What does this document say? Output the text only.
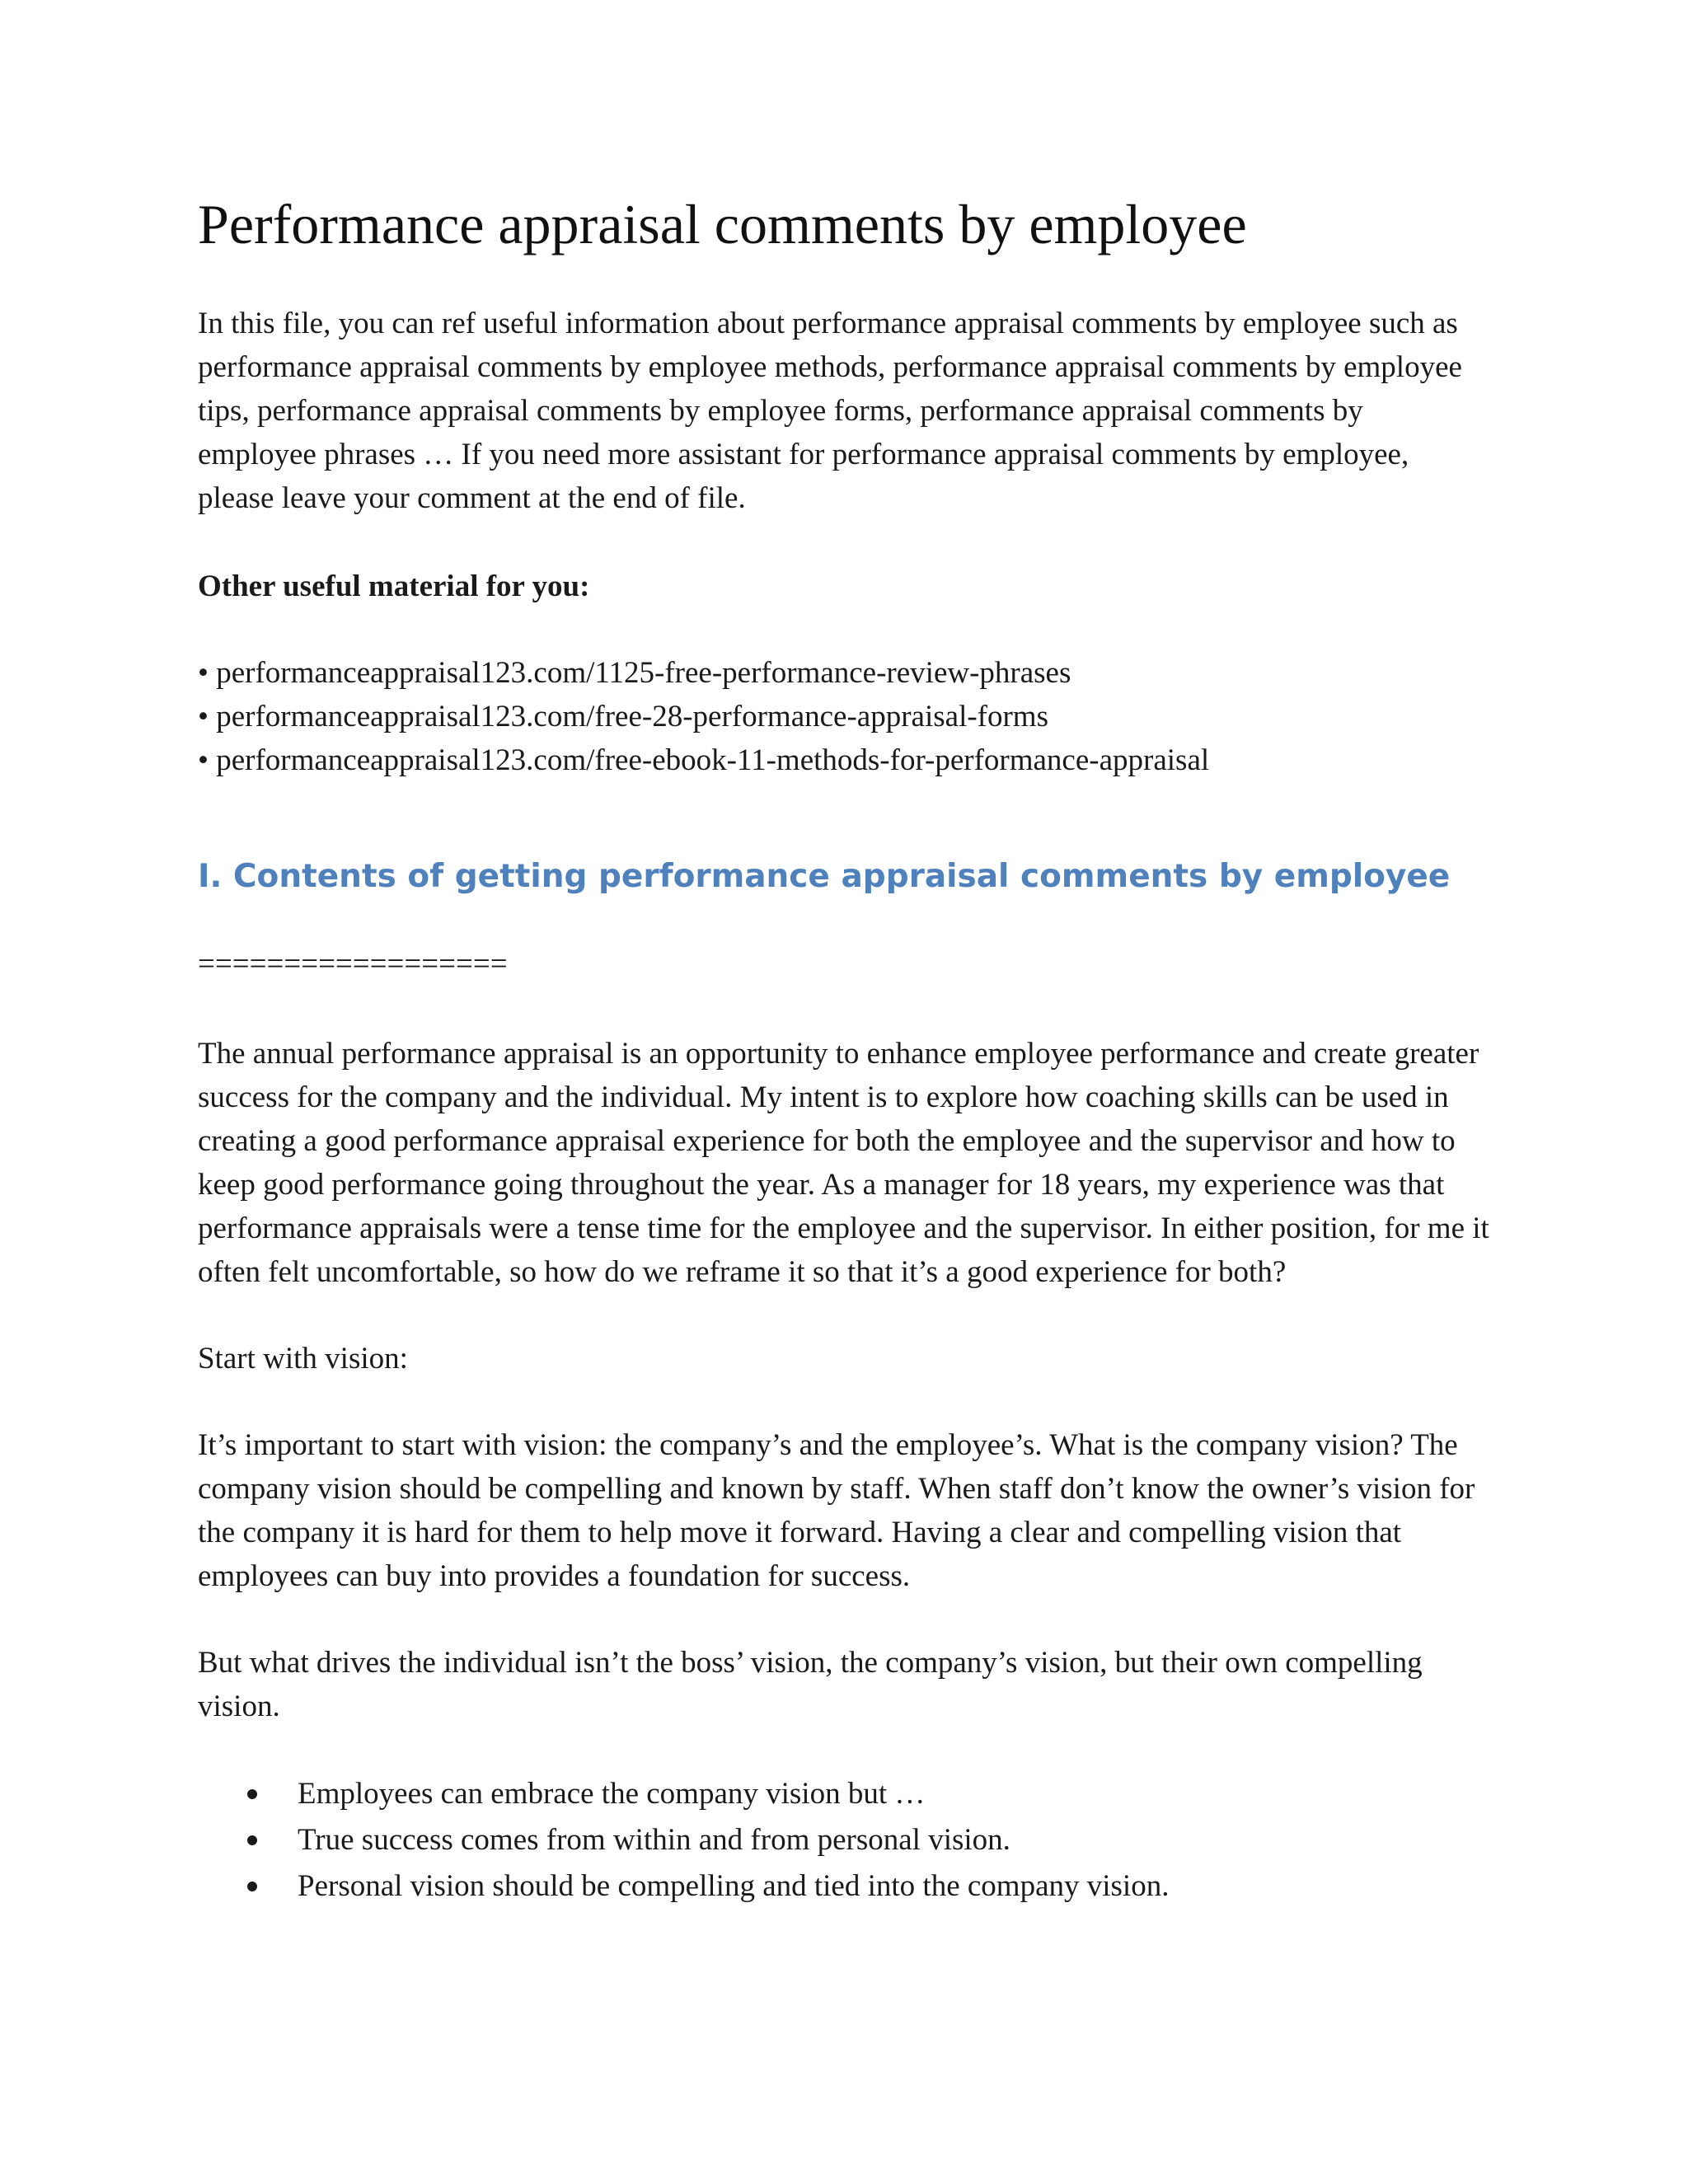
Performance appraisal comments by employee

In this file, you can ref useful information about performance appraisal comments by employee such as performance appraisal comments by employee methods, performance appraisal comments by employee tips, performance appraisal comments by employee forms, performance appraisal comments by employee phrases … If you need more assistant for performance appraisal comments by employee, please leave your comment at the end of file.

Other useful material for you:

• performanceappraisal123.com/1125-free-performance-review-phrases
• performanceappraisal123.com/free-28-performance-appraisal-forms
• performanceappraisal123.com/free-ebook-11-methods-for-performance-appraisal
I. Contents of getting performance appraisal comments by employee

==================

The annual performance appraisal is an opportunity to enhance employee performance and create greater success for the company and the individual. My intent is to explore how coaching skills can be used in creating a good performance appraisal experience for both the employee and the supervisor and how to keep good performance going throughout the year. As a manager for 18 years, my experience was that performance appraisals were a tense time for the employee and the supervisor. In either position, for me it often felt uncomfortable, so how do we reframe it so that it’s a good experience for both?

Start with vision:

It’s important to start with vision: the company’s and the employee’s. What is the company vision? The company vision should be compelling and known by staff. When staff don’t know the owner’s vision for the company it is hard for them to help move it forward. Having a clear and compelling vision that employees can buy into provides a foundation for success.

But what drives the individual isn’t the boss’ vision, the company’s vision, but their own compelling vision.

Employees can embrace the company vision but …
True success comes from within and from personal vision.
Personal vision should be compelling and tied into the company vision.
